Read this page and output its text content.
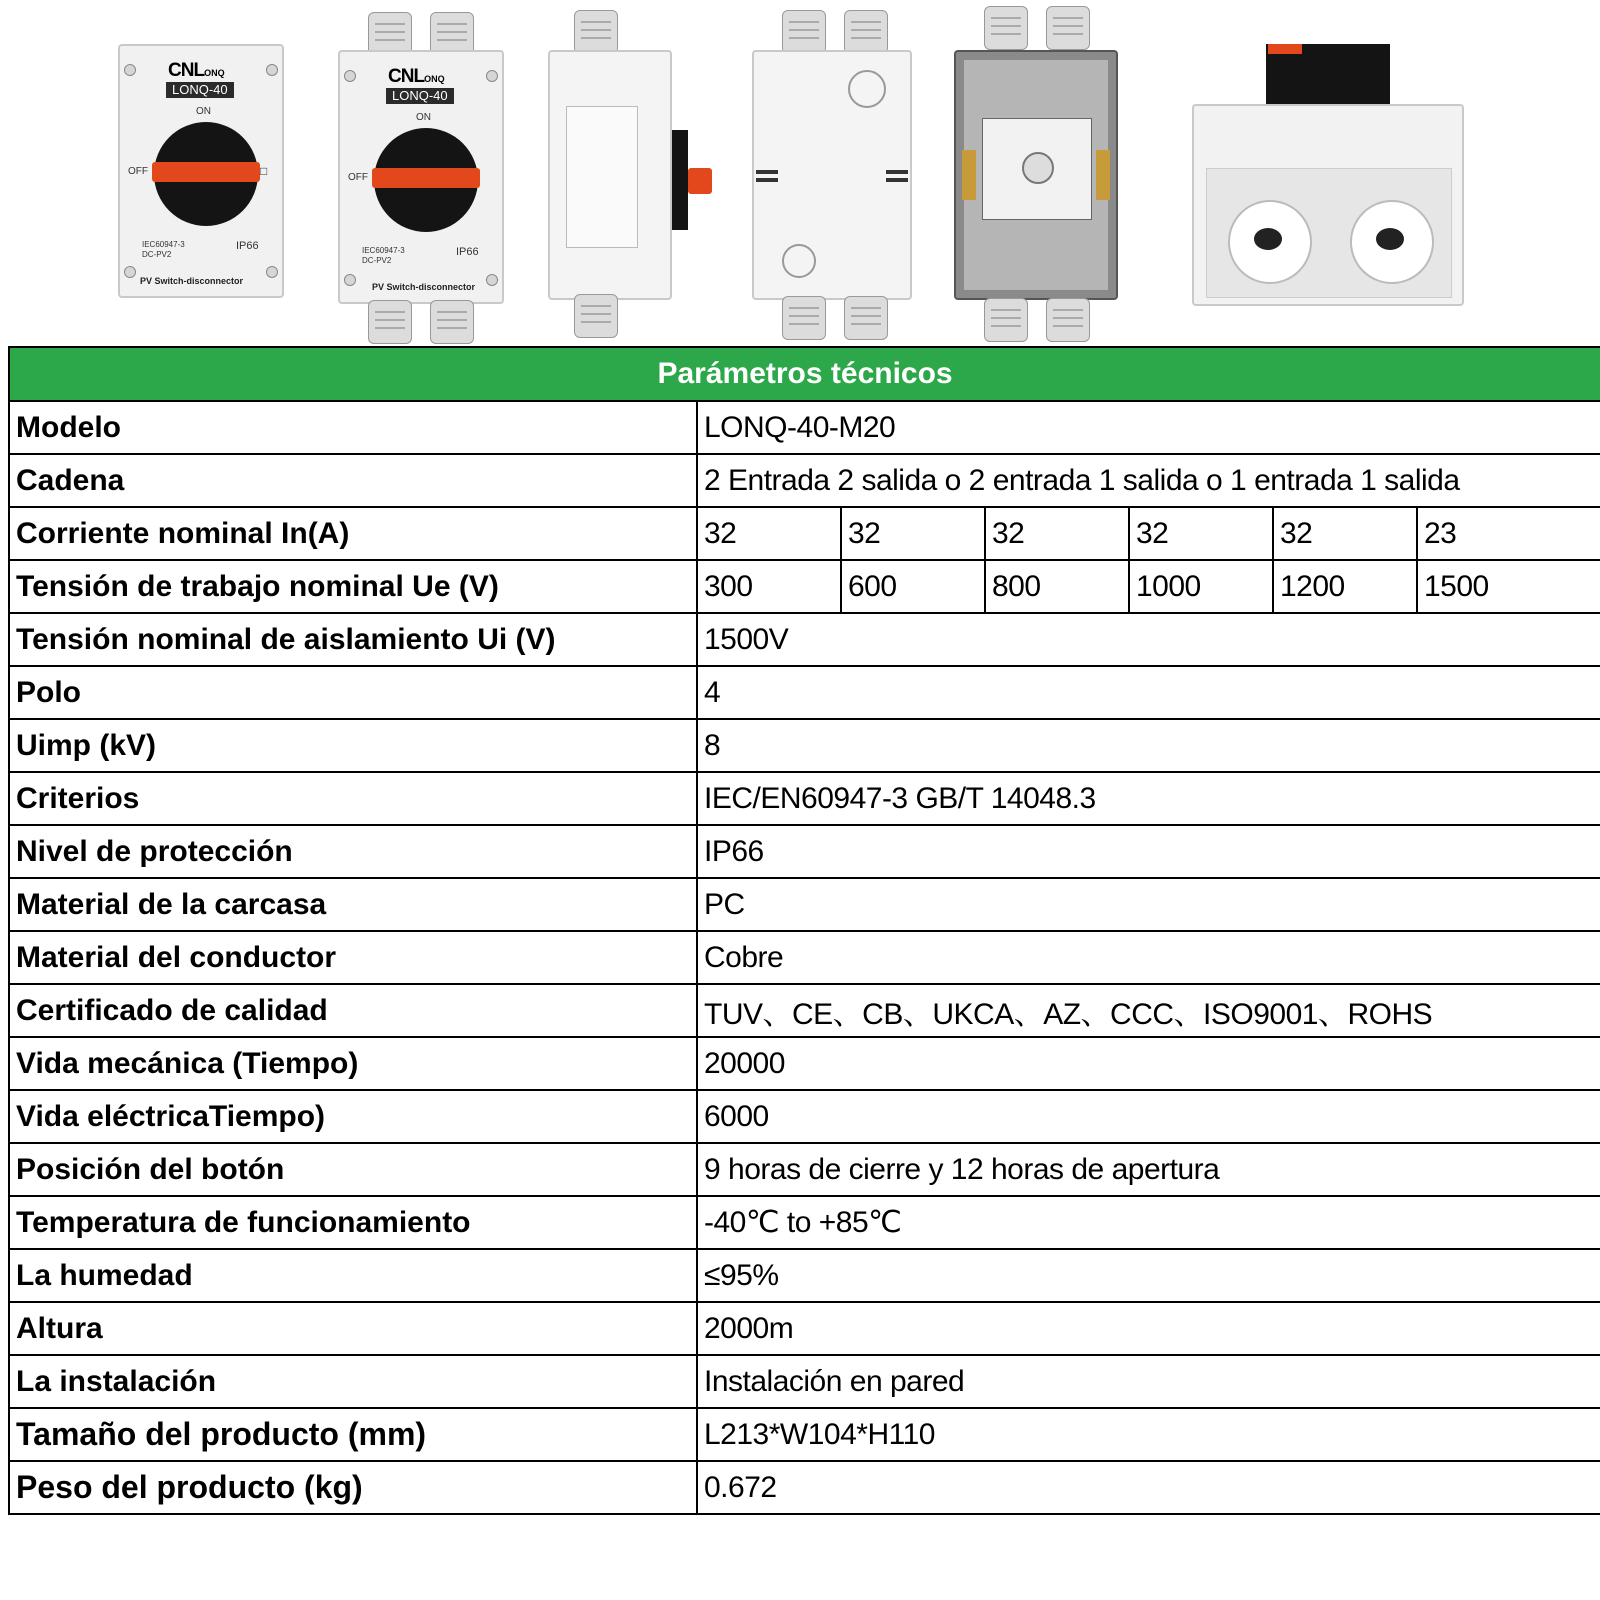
CNLONQ
LONQ-40
ON
OFF	□
IEC60947-3
DC-PV2
IP66
PV Switch-disconnector
CNLONQ
LONQ-40
ON
OFF
IEC60947-3
DC-PV2
IP66
PV Switch-disconnector
Parámetros técnicos						
Modelo	LONQ-40-M20					
Cadena	2 Entrada 2 salida o 2 entrada 1 salida o 1 entrada 1 salida					
Corriente nominal In(A)	32	32	32	32	32	23
Tensión de trabajo nominal Ue (V)	300	600	800	1000	1200	1500
Tensión nominal de aislamiento Ui (V)	1500V					
Polo	4					
Uimp (kV)	8					
Criterios	IEC/EN60947-3 GB/T 14048.3					
Nivel de protección	IP66					
Material de la carcasa	PC					
Material del conductor	Cobre					
Certificado de calidad	TUV、CE、CB、UKCA、AZ、CCC、ISO9001、ROHS					
Vida mecánica (Tiempo)	20000					
Vida eléctricaTiempo)	6000					
Posición del botón	9 horas de cierre y 12 horas de apertura					
Temperatura de funcionamiento	-40℃ to +85℃					
La humedad	≤95%					
Altura	2000m					
La instalación	Instalación en pared					
Tamaño del producto (mm)	L213*W104*H110					
Peso del producto (kg)	0.672					
